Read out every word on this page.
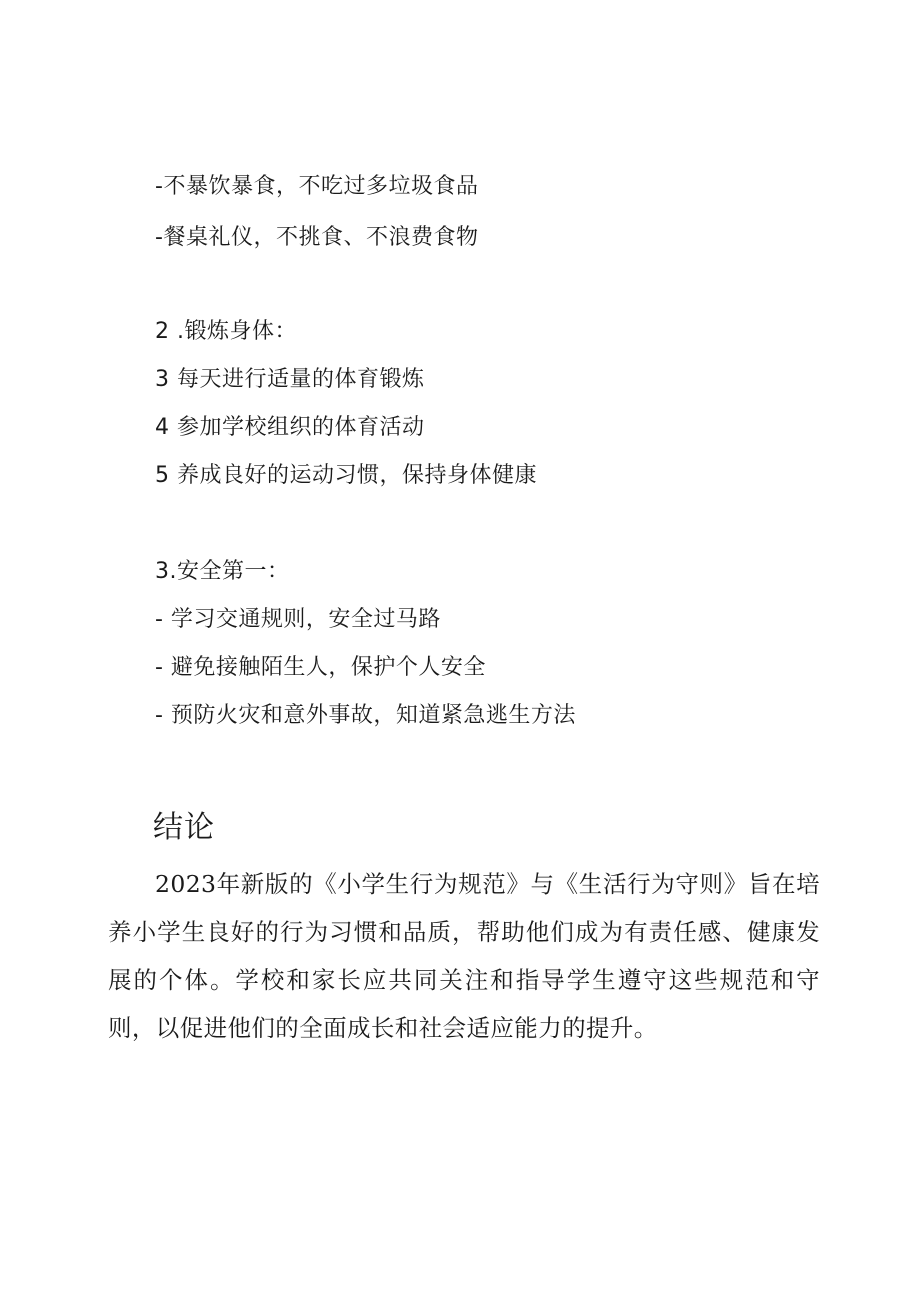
-不暴饮暴食，不吃过多垃圾食品
-餐桌礼仪，不挑食、不浪费食物
2 .锻炼身体：
3 每天进行适量的体育锻炼
4 参加学校组织的体育活动
5 养成良好的运动习惯，保持身体健康
3.安全第一：
- 学习交通规则，安全过马路
- 避免接触陌生人，保护个人安全
- 预防火灾和意外事故，知道紧急逃生方法
结论
2023年新版的《小学生行为规范》与《生活行为守则》旨在培养小学生良好的行为习惯和品质，帮助他们成为有责任感、健康发展的个体。学校和家长应共同关注和指导学生遵守这些规范和守则，以促进他们的全面成长和社会适应能力的提升。
